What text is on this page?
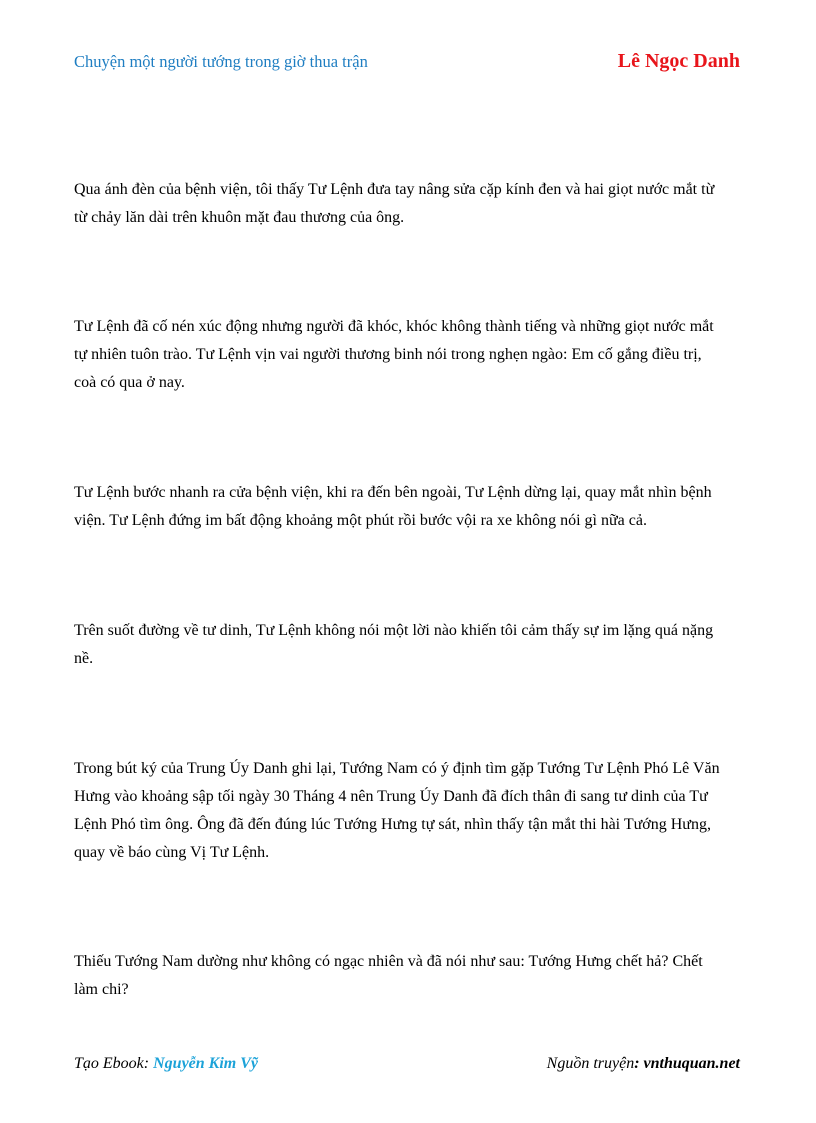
Chuyện một người tướng trong giờ thua trận	Lê Ngọc Danh

Qua ánh đèn của bệnh viện, tôi thấy Tư Lệnh đưa tay nâng sửa cặp kính đen và hai giọt nước mắt từ
từ chảy lăn dài trên khuôn mặt đau thương của ông.

Tư Lệnh đã cố nén xúc động nhưng người đã khóc, khóc không thành tiếng và những giọt nước mắt
tự nhiên tuôn trào. Tư Lệnh vịn vai người thương binh nói trong nghẹn ngào: Em cố gắng điều trị,
coà có qua ở nay.

Tư Lệnh bước nhanh ra cửa bệnh viện, khi ra đến bên ngoài, Tư Lệnh dừng lại, quay mắt nhìn bệnh
viện. Tư Lệnh đứng im bất động khoảng một phút rồi bước vội ra xe không nói gì nữa cả.

Trên suốt đường về tư dinh, Tư Lệnh không nói một lời nào khiến tôi cảm thấy sự im lặng quá nặng
nề.

Trong bút ký của Trung Úy Danh ghi lại, Tướng Nam có ý định tìm gặp Tướng Tư Lệnh Phó Lê Văn
Hưng vào khoảng sập tối ngày 30 Tháng 4 nên Trung Úy Danh đã đích thân đi sang tư dinh của Tư
Lệnh Phó tìm ông. Ông đã đến đúng lúc Tướng Hưng tự sát, nhìn thấy tận mắt thi hài Tướng Hưng,
quay về báo cùng Vị Tư Lệnh.

Thiếu Tướng Nam dường như không có ngạc nhiên và đã nói như sau: Tướng Hưng chết hả? Chết
làm chi?

Tạo Ebook: Nguyễn Kim Vỹ	Nguồn truyện: vnthuquan.net
